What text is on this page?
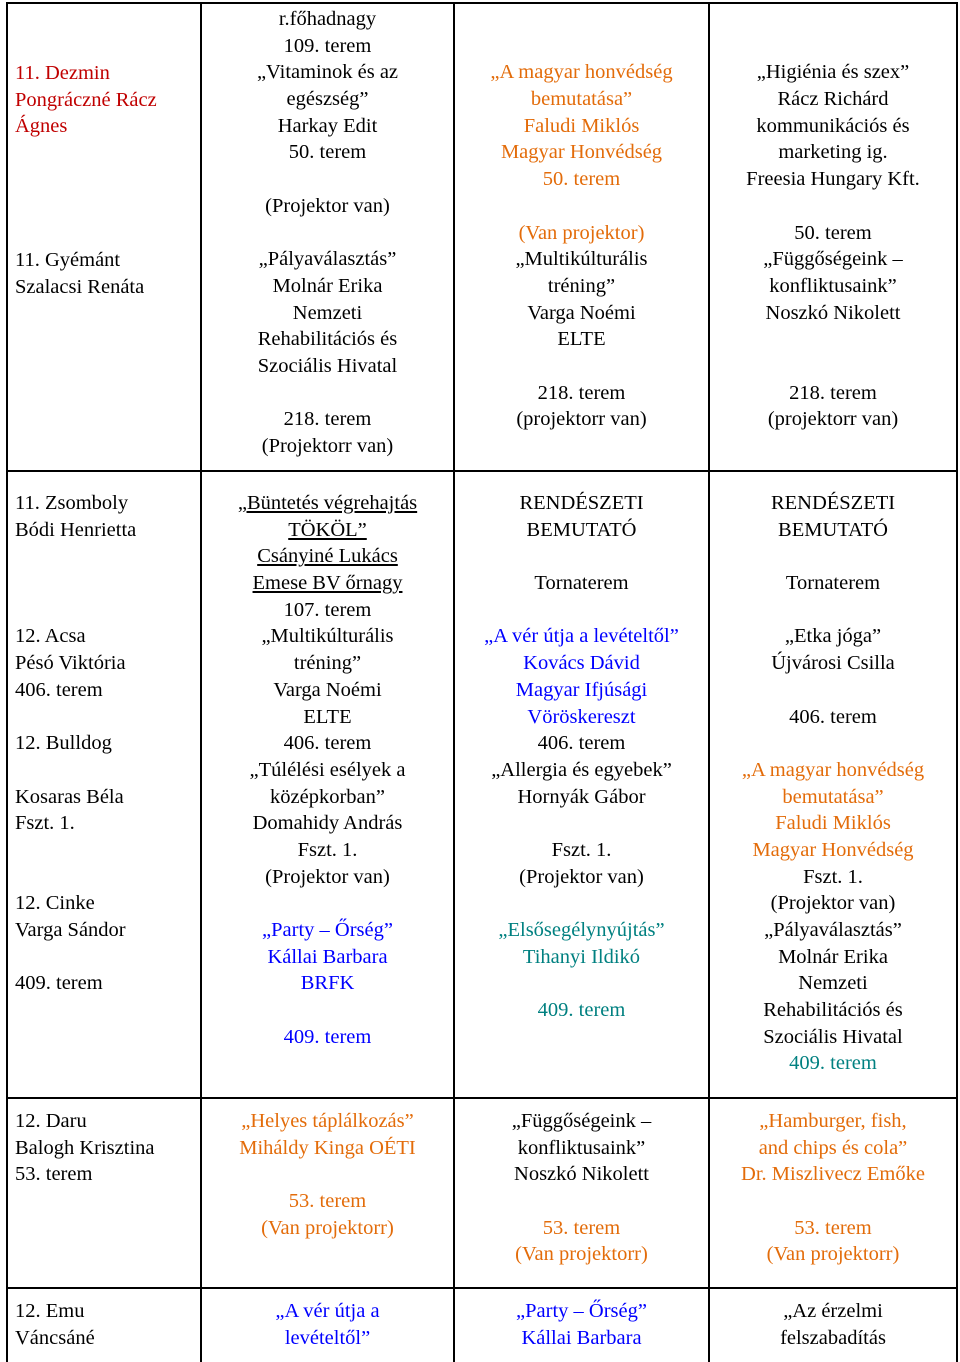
11. Dezmin
Pongráczné Rácz
Ágnes
11. Gyémánt
Szalacsi Renáta
r.főhadnagy
109. terem
„Vitaminok és az
egészség”
Harkay Edit
50. terem
(Projektor van)
„Pályaválasztás”
Molnár Erika
Nemzeti
Rehabilitációs és
Szociális Hivatal
218. terem
(Projektorr van)
„A magyar honvédség
bemutatása”
Faludi Miklós
Magyar Honvédség
50. terem
(Van projektor)
„Multikúlturális
tréning”
Varga Noémi
ELTE
218. terem
(projektorr van)
„Higiénia és szex”
Rácz Richárd
kommunikációs és
marketing ig.
Freesia Hungary Kft.
50. terem
„Függőségeink –
konfliktusaink”
Noszkó Nikolett
218. terem
(projektorr van)
11. Zsomboly
Bódi Henrietta
12. Acsa
Pésó Viktória
406. terem
12. Bulldog
Kosaras Béla
Fszt. 1.
12. Cinke
Varga Sándor
409. terem
„Büntetés végrehajtás
TÖKÖL”
Csányiné Lukács
Emese BV őrnagy
107. terem
„Multikúlturális
tréning”
Varga Noémi
ELTE
406. terem
„Túlélési esélyek a
középkorban”
Domahidy András
Fszt. 1.
(Projektor van)
„Party – Őrség”
Kállai Barbara
BRFK
409. terem
RENDÉSZETI
BEMUTATÓ
Tornaterem
„A vér útja a levételtől”
Kovács Dávid
Magyar Ifjúsági
Vöröskereszt
406. terem
„Allergia és egyebek”
Hornyák Gábor
Fszt. 1.
(Projektor van)
„Elsősegélynyújtás”
Tihanyi Ildikó
409. terem
RENDÉSZETI
BEMUTATÓ
Tornaterem
„Etka jóga”
Újvárosi Csilla
406. terem
„A magyar honvédség
bemutatása”
Faludi Miklós
Magyar Honvédség
Fszt. 1.
(Projektor van)
„Pályaválasztás”
Molnár Erika
Nemzeti
Rehabilitációs és
Szociális Hivatal
409. terem
12. Daru
Balogh Krisztina
53. terem
„Helyes táplálkozás”
Miháldy Kinga OÉTI
53. terem
(Van projektorr)
„Függőségeink –
konfliktusaink”
Noszkó Nikolett
53. terem
(Van projektorr)
„Hamburger, fish,
and chips és cola”
Dr. Miszlivecz Emőke
53. terem
(Van projektorr)
12. Emu
Váncsáné
„A vér útja a
levételtől”
„Party – Őrség”
Kállai Barbara
„Az érzelmi
felszabadítás
